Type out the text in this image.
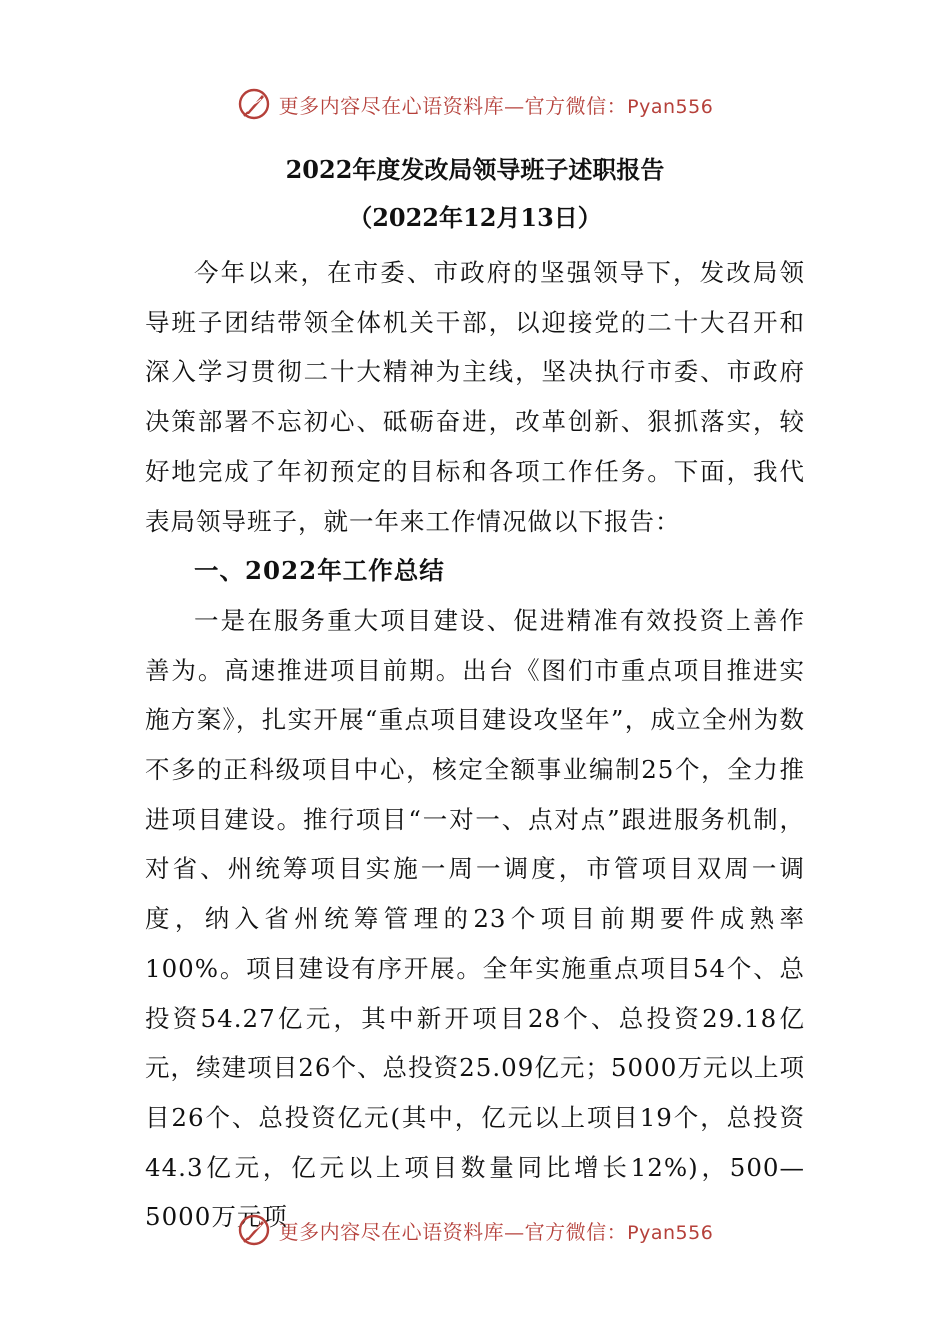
更多内容尽在心语资料库—官方微信：Pyan556
2022年度发改局领导班子述职报告
（2022年12月13日）

今年以来，在市委、市政府的坚强领导下，发改局领导班子团结带领全体机关干部，以迎接党的二十大召开和深入学习贯彻二十大精神为主线，坚决执行市委、市政府决策部署不忘初心、砥砺奋进，改革创新、狠抓落实，较好地完成了年初预定的目标和各项工作任务。下面，我代表局领导班子，就一年来工作情况做以下报告：

一、2022年工作总结

一是在服务重大项目建设、促进精准有效投资上善作善为。高速推进项目前期。出台《图们市重点项目推进实施方案》，扎实开展“重点项目建设攻坚年”，成立全州为数不多的正科级项目中心，核定全额事业编制25个，全力推进项目建设。推行项目“一对一、点对点”跟进服务机制，对省、州统筹项目实施一周一调度，市管项目双周一调度，纳入省州统筹管理的23个项目前期要件成熟率100%。项目建设有序开展。全年实施重点项目54个、总投资54.27亿元，其中新开项目28个、总投资29.18亿元，续建项目26个、总投资25.09亿元；5000万元以上项目26个、总投资亿元(其中，亿元以上项目19个，总投资44.3亿元，亿元以上项目数量同比增长12%)，500—5000万元项

更多内容尽在心语资料库—官方微信：Pyan556
